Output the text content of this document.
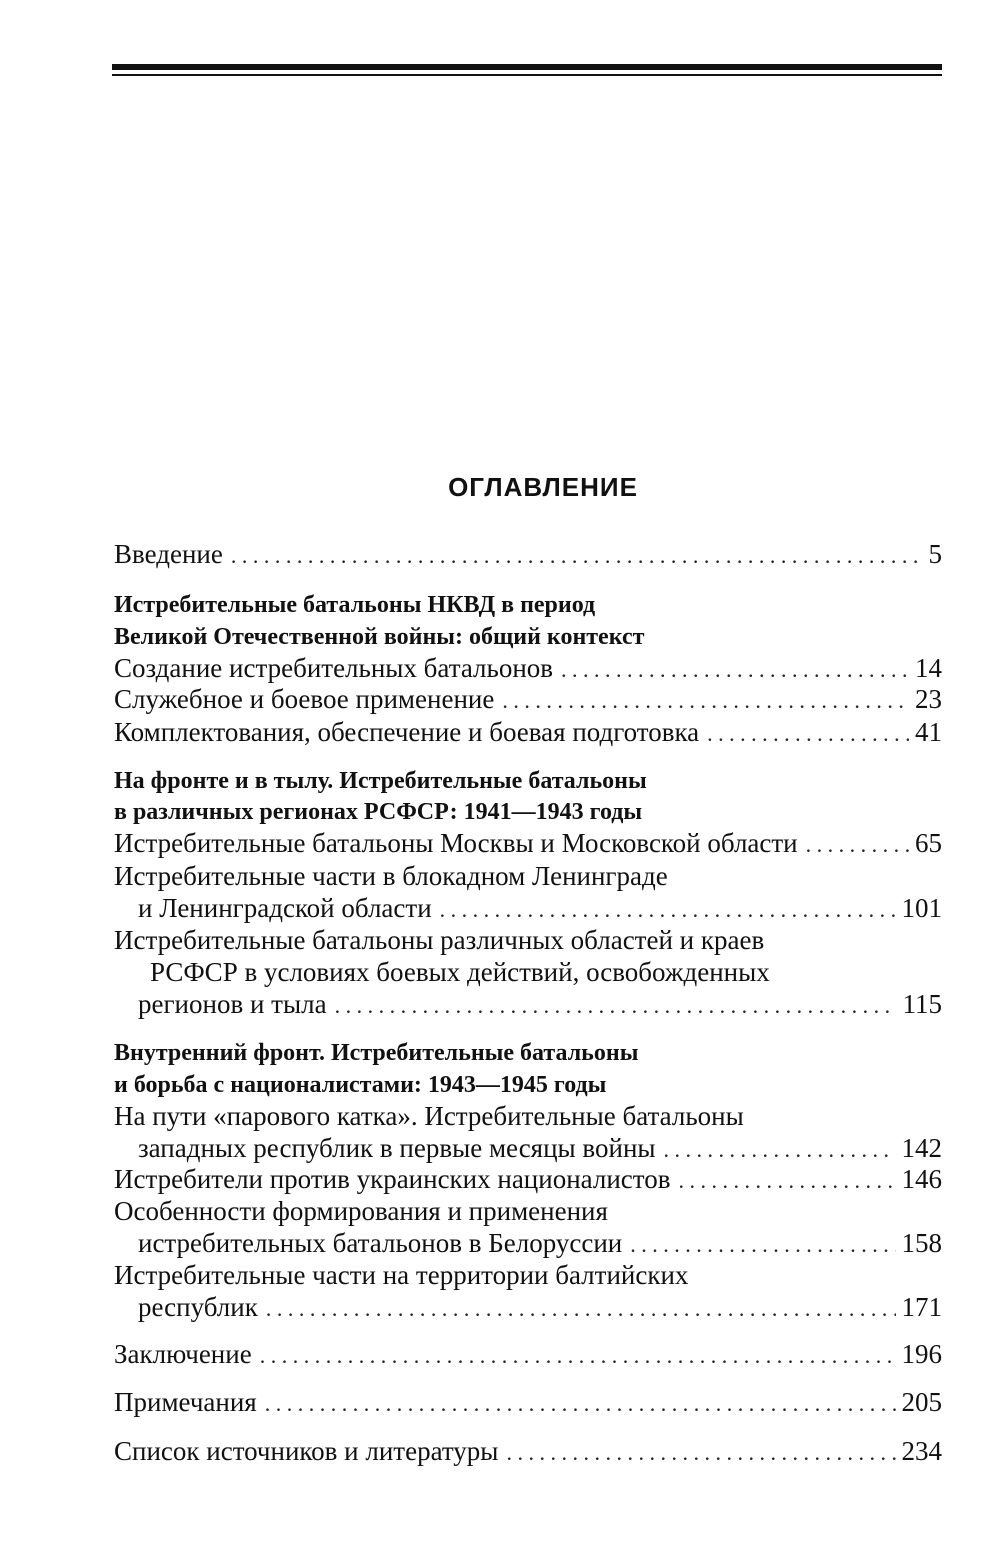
ОГЛАВЛЕНИЕ
Введение . . .	5
Истребительные батальоны НКВД в период
Великой Отечественной войны: общий контекст
Создание истребительных батальонов . . .	14
Служебное и боевое применение . . .	23
Комплектования, обеспечение и боевая подготовка . . .	41
На фронте и в тылу. Истребительные батальоны
в различных регионах РСФСР: 1941—1943 годы
Истребительные батальоны Москвы и Московской области . . .	65
Истребительные части в блокадном Ленинграде
и Ленинградской области . . .	101
Истребительные батальоны различных областей и краев
РСФСР в условиях боевых действий, освобожденных
регионов и тыла . . .	115
Внутренний фронт. Истребительные батальоны
и борьба с националистами: 1943—1945 годы
На пути «парового катка». Истребительные батальоны
западных республик в первые месяцы войны . . .	142
Истребители против украинских националистов . . .	146
Особенности формирования и применения
истребительных батальонов в Белоруссии . . .	158
Истребительные части на территории балтийских
республик . . .	171
Заключение . . .	196
Примечания . . .	205
Список источников и литературы . . .	234
